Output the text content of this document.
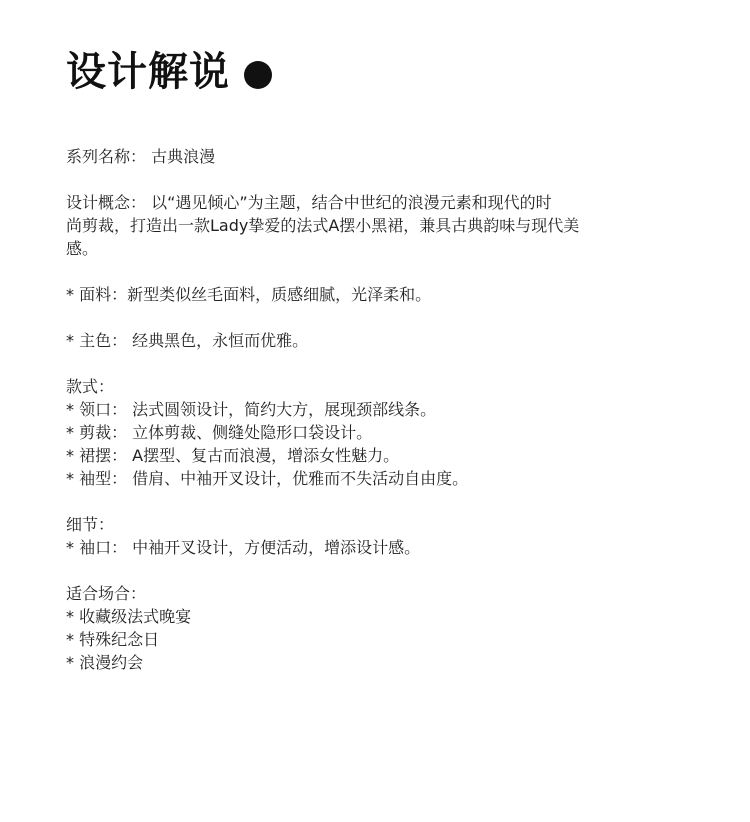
设计解说

系列名称： 古典浪漫

设计概念： 以“遇见倾心”为主题，结合中世纪的浪漫元素和现代的时

尚剪裁，打造出一款Lady挚爱的法式A摆小黑裙，兼具古典韵味与现代美

感。

* 面料：新型类似丝毛面料，质感细腻，光泽柔和。

* 主色： 经典黑色，永恒而优雅。

款式：

* 领口： 法式圆领设计，简约大方，展现颈部线条。

* 剪裁： 立体剪裁、侧缝处隐形口袋设计。

* 裙摆： A摆型、复古而浪漫，增添女性魅力。

* 袖型： 借肩、中袖开叉设计，优雅而不失活动自由度。

细节：

* 袖口： 中袖开叉设计，方便活动，增添设计感。

适合场合：

* 收藏级法式晚宴

* 特殊纪念日

* 浪漫约会
